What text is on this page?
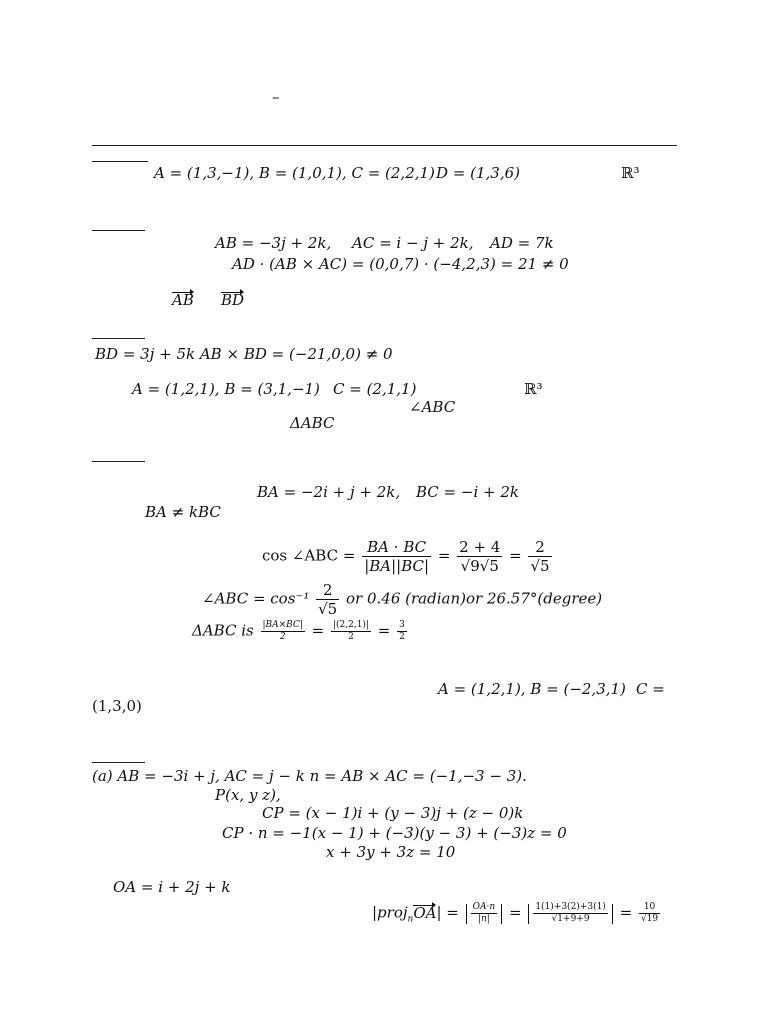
–
A = (1,3,−1), B = (1,0,1), C = (2,2,1) D = (1,3,6)	ℝ³
AB = −3j + 2k, AC = i − j + 2k, AD = 7k
AD · (AB × AC) = (0,0,7) · (−4,2,3) = 21 ≠ 0
AB BD
BD = 3j + 5k AB × BD = (−21,0,0) ≠ 0
A = (1,2,1), B = (3,1,−1) C = (2,1,1)	ℝ³
∠ABC
ΔABC
BA = −2i + j + 2k, BC = −i + 2k
BA ≠ kBC
cos ∠ABC = $\frac{BA \cdot BC}{|BA||BC|} = \frac{2 + 4}{√9√5} = \frac{2}{√5}$
∠ABC = $\cos^{-1} \frac{2}{√5}$ or 0.46 (radian)or 26.57°(degree)
ΔABC is $\frac{|BA\times BC|}{2} = \frac{|(2,2,1)|}{2} = \frac{3}{2}$
A = (1,2,1), B = (−2,3,1) C =
(1,3,0)
(a) AB = −3i + j, AC = j − k n = AB × AC = (−1,−3 − 3).
P(x, y z),
CP = (x − 1)i + (y − 3)j + (z − 0)k
CP · n = −1(x − 1) + (−3)(y − 3) + (−3)z = 0
x + 3y + 3z = 10
OA = i + 2j + k
|proj$_n$OA| = $\frac{OA\cdot n}{|n|} = \frac{1(1)+3(2)+3(1)}{√1+9+9} = \frac{10}{√19}$
